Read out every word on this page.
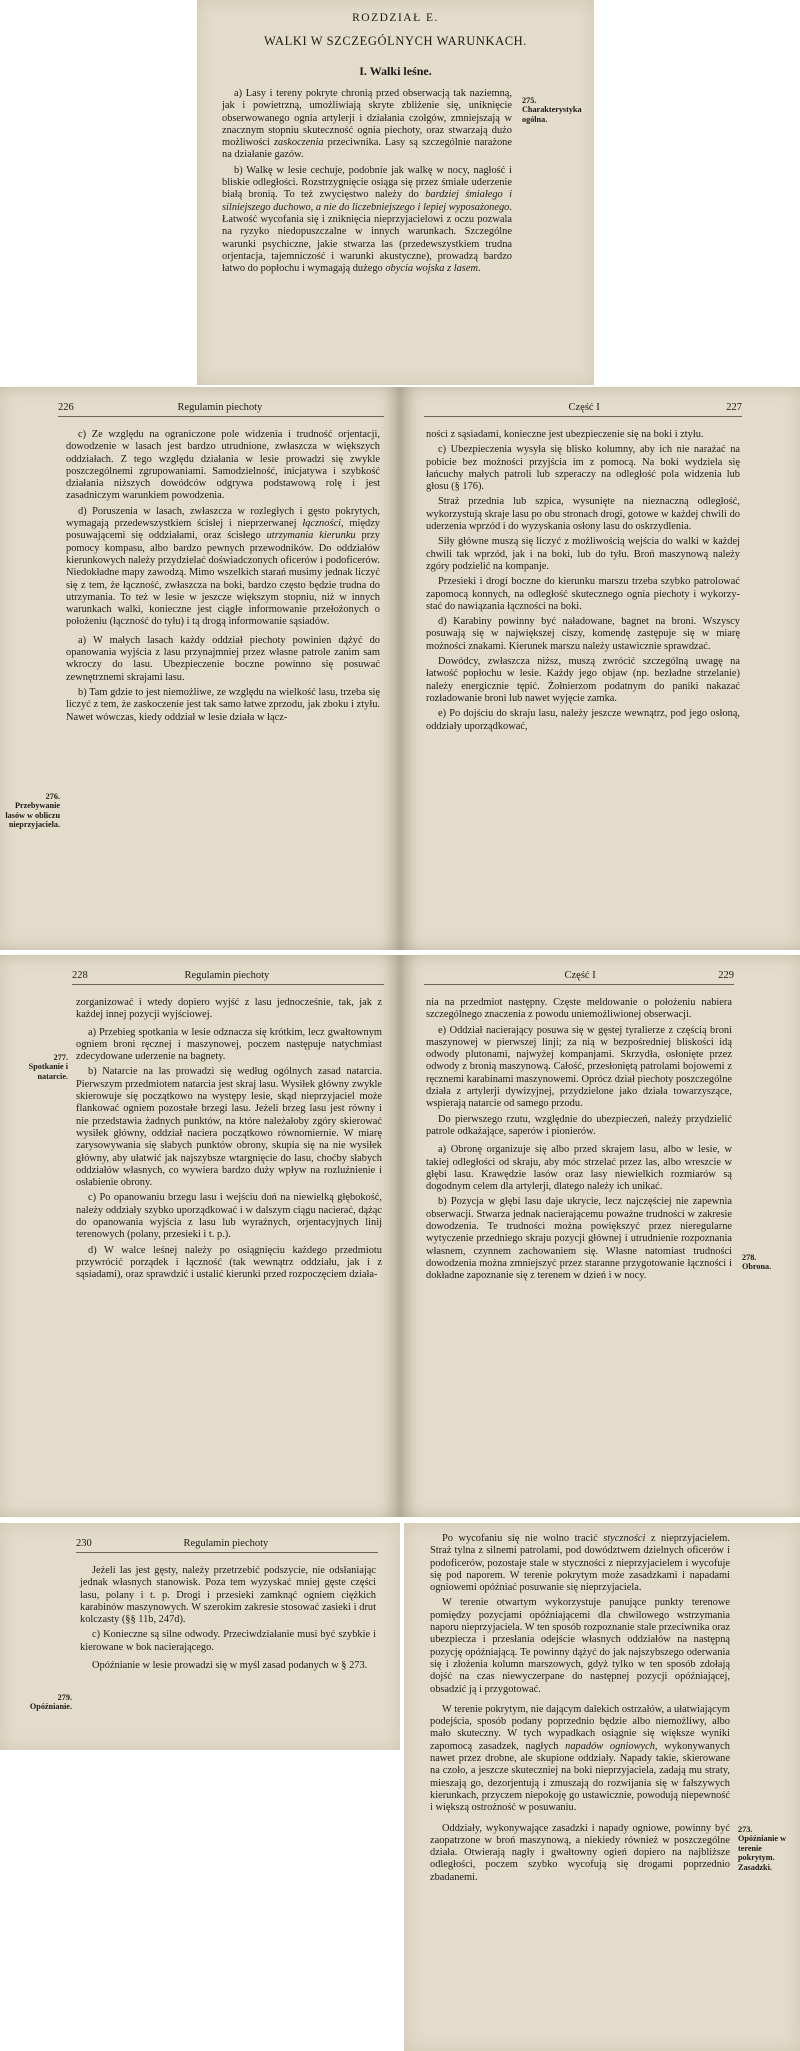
ROZDZIAŁ E.
WALKI W SZCZEGÓLNYCH WARUNKACH.
I. Walki leśne.

a) Lasy i tereny pokryte chronią przed obserwacją tak naziemną, jak i powietrzną, umożliwiają skryte zbliżenie się, uniknięcie obserwowanego ognia artylerji i działania czołgów, zmniejszają w znacznym stopniu skuteczność ognia piechoty, oraz stwarzają dużo możliwości zaskoczenia przeciwnika. Lasy są szczególnie narażone na działanie gazów.

b) Walkę w lesie cechuje, podobnie jak walkę w nocy, nagłość i bliskie odległości. Rozstrzygnięcie osiąga się przez śmiałe uderzenie białą bronią. To też zwycięstwo należy do bardziej śmiałego i silniejszego duchowo, a nie do liczebniejszego i lepiej wyposażonego. Łatwość wycofania się i zniknięcia nieprzyjacielowi z oczu pozwala na ryzyko niedopuszczalne w innych warunkach. Szczególne warunki psychiczne, jakie stwarza las (przedewszystkiem trudna orjentacja, tajemniczość i warunki akustyczne), prowadzą bardzo łatwo do popłochu i wymagają dużego obycia wojska z lasem.

275.
Charakterystyka ogólna.
226	Regulamin piechoty

c) Ze względu na ograniczone pole widzenia i trudność orjentacji, dowodzenie w lasach jest bardzo utrudnione, zwłaszcza w większych oddziałach. Z tego względu działania w lesie prowadzi się zwykle poszczególnemi zgrupowaniami. Samodzielność, inicjatywa i szybkość działania niższych dowódców odgrywa podstawową rolę i jest zasadniczym warunkiem powodzenia.

d) Poruszenia w lasach, zwłaszcza w rozległych i gęsto pokrytych, wymagają przedewszystkiem ścisłej i nieprzerwanej łączności, między posuwającemi się oddziałami, oraz ścisłego utrzymania kierunku przy pomocy kompasu, albo bardzo pewnych przewodników. Do oddziałów kierunkowych należy przydzielać doświadczonych oficerów i podoficerów. Niedokładne mapy zawodzą. Mimo wszelkich starań musimy jednak liczyć się z tem, że łączność, zwłaszcza na boki, bardzo często będzie trudna do utrzymania. To też w lesie w jeszcze większym stopniu, niż w innych warunkach walki, konieczne jest ciągłe informowanie przełożonych o położeniu (łączność do tyłu) i tą drogą informowanie sąsiadów.

a) W małych lasach każdy oddział piechoty powinien dążyć do opanowania wyjścia z lasu przynajmniej przez własne patrole zanim sam wkroczy do lasu. Ubezpieczenie boczne powinno się posuwać zewnętrznemi skrajami lasu.

b) Tam gdzie to jest niemożliwe, ze względu na wielkość lasu, trzeba się liczyć z tem, że zaskoczenie jest tak samo łatwe zprzodu, jak zboku i ztyłu. Nawet wówczas, kiedy oddział w lesie działa w łącz-

276.
Przebywanie lasów w obliczu nieprzyjaciela.
Część I	227

ności z sąsiadami, konieczne jest ubezpieczenie się na boki i ztyłu.

c) Ubezpieczenia wysyła się blisko kolumny, aby ich nie narażać na pobicie bez możności przyjścia im z pomocą. Na boki wydziela się łańcuchy małych patroli lub szperaczy na odległość pola widzenia lub głosu (§ 176).

Straż przednia lub szpica, wysunięte na nieznaczną odległość, wykorzystują skraje lasu po obu stronach drogi, gotowe w każdej chwili do uderzenia wprzód i do wyzyskania osłony lasu do oskrzydlenia.

Siły główne muszą się liczyć z możliwością wejścia do walki w każdej chwili tak wprzód, jak i na boki, lub do tyłu. Broń maszynową należy zgóry podzielić na kompanje.

Przesieki i drogi boczne do kierunku marszu trzeba szybko patrolować zapomocą konnych, na odległość skutecznego ognia piechoty i wykorzystać do nawiązania łączności na boki.

d) Karabiny powinny być naładowane, bagnet na broni. Wszyscy posuwają się w największej ciszy, komendę zastępuje się w miarę możności znakami. Kierunek marszu należy ustawicznie sprawdzać.

Dowódcy, zwłaszcza niższ, muszą zwrócić szczególną uwagę na łatwość popłochu w lesie. Każdy jego objaw (np. bezładne strzelanie) należy energicznie tępić. Żołnierzom podatnym do paniki nakazać rozładowanie broni lub nawet wyjęcie zamka.

e) Po dojściu do skraju lasu, należy jeszcze wewnątrz, pod jego osłoną, oddziały uporządkować,

228	Regulamin piechoty

zorganizować i wtedy dopiero wyjść z lasu jednocześnie, tak, jak z każdej innej pozycji wyjściowej.

a) Przebieg spotkania w lesie odznacza się krótkim, lecz gwałtownym ogniem broni ręcznej i maszynowej, poczem następuje natychmiast zdecydowane uderzenie na bagnety.

b) Natarcie na las prowadzi się według ogólnych zasad natarcia. Pierwszym przedmiotem natarcia jest skraj lasu. Wysiłek główny zwykle skierowuje się początkowo na występy lesie, skąd nieprzyjaciel może flankować ogniem pozostałe brzegi lasu. Jeżeli brzeg lasu jest równy i nie przedstawia żadnych punktów, na które należałoby zgóry skierować wysiłek główny, oddział naciera początkowo równomiernie. W miarę zarysowywania się słabych punktów obrony, skupia się na nie wysiłek główny, aby ułatwić jak najszybsze wtargnięcie do lasu, choćby słabych oddziałów własnych, co wywiera bardzo duży wpływ na rozluźnienie i osłabienie obrony.

c) Po opanowaniu brzegu lasu i wejściu doń na niewielką głębokość, należy oddziały szybko uporządkować i w dalszym ciągu nacierać, dążąc do opanowania wyjścia z lasu lub wyraźnych, orjentacyjnych linij terenowych (polany, przesieki i t. p.).

d) W walce leśnej należy po osiągnięciu każdego przedmiotu przywrócić porządek i łączność (tak wewnątrz oddziału, jak i z sąsiadami), oraz sprawdzić i ustalić kierunki przed rozpoczęciem działa-

277.
Spotkanie i natarcie.
Część I	229

nia na przedmiot następny. Częste meldowanie o położeniu nabiera szczególnego znaczenia z powodu uniemożliwionej obserwacji.

e) Oddział nacierający posuwa się w gęstej tyralierze z częścią broni maszynowej w pierwszej linji; za nią w bezpośredniej bliskości idą odwody plutonami, najwyżej kompanjami. Skrzydła, osłonięte przez odwody z bronią maszynową. Całość, przesłoniętą patrolami bojowemi z ręcznemi karabinami maszynowemi. Oprócz dział piechoty poszczególne działa z artylerji dywizyjnej, przydzielone jako działa towarzyszące, wspierają natarcie od samego przodu.

Do pierwszego rzutu, względnie do ubezpieczeń, należy przydzielić patrole odkażające, saperów i pionierów.

a) Obronę organizuje się albo przed skrajem lasu, albo w lesie, w takiej odległości od skraju, aby móc strzelać przez las, albo wreszcie w głębi lasu. Krawędzie lasów oraz lasy niewielkich rozmiarów są dogodnym celem dla artylerji, dlatego należy ich unikać.

b) Pozycja w głębi lasu daje ukrycie, lecz najczęściej nie zapewnia obserwacji. Stwarza jednak nacierającemu poważne trudności w zakresie dowodzenia. Te trudności można powiększyć przez nieregularne wytyczenie przedniego skraju pozycji głównej i utrudnienie rozpoznania własnem, czynnem zachowaniem się. Własne natomiast trudności dowodzenia można zmniejszyć przez staranne przygotowanie łączności i dokładne zapoznanie się z terenem w dzień i w nocy.

278.
Obrona.
230	Regulamin piechoty

Jeżeli las jest gęsty, należy przetrzebić podszycie, nie odsłaniając jednak własnych stanowisk. Poza tem wyzyskać mniej gęste części lasu, polany i t. p. Drogi i przesieki zamknąć ogniem ciężkich karabinów maszynowych. W szerokim zakresie stosować zasieki i drut kolczasty (§§ 11b, 247d).

c) Konieczne są silne odwody. Przeciwdziałanie musi być szybkie i kierowane w bok nacierającego.

Opóźnianie w lesie prowadzi się w myśl zasad podanych w § 273.

279.
Opóźnianie.

Po wycofaniu się nie wolno tracić styczności z nieprzyjacielem. Straż tylna z silnemi patrolami, pod dowództwem dzielnych oficerów i podoficerów, pozostaje stale w styczności z nieprzyjacielem i wycofuje się pod naporem. W terenie pokrytym może zasadzkami i napadami ogniowemi opóźniać posuwanie się nieprzyjaciela.

W terenie otwartym wykorzystuje panujące punkty terenowe pomiędzy pozycjami opóźniającemi dla chwilowego wstrzymania naporu nieprzyjaciela. W ten sposób rozpoznanie stale przeciwnika oraz ubezpiecza i przesłania odejście własnych oddziałów na następną pozycję opóźniającą. Te powinny dążyć do jak najszybszego oderwania się i złożenia kolumn marszowych, gdyż tylko w ten sposób zdołają dojść na czas niewyczerpane do następnej pozycji opóźniającej, obsadzić ją i przygotować.

W terenie pokrytym, nie dającym dalekich ostrzałów, a ułatwiającym podejścia, sposób podany poprzednio będzie albo niemożliwy, albo mało skuteczny. W tych wypadkach osiągnie się większe wyniki zapomocą zasadzek, nagłych napadów ogniowych, wykonywanych nawet przez drobne, ale skupione oddziały. Napady takie, skierowane na czoło, a jeszcze skuteczniej na boki nieprzyjaciela, zadają mu straty, mieszają go, dezorjentują i zmuszają do rozwijania się w fałszywych kierunkach, przyczem niepokoję go ustawicznie, powodują niepewność i większą ostrożność w posuwaniu.

Oddziały, wykonywające zasadzki i napady ogniowe, powinny być zaopatrzone w broń maszynową, a niekiedy również w poszczególne działa. Otwierają nagły i gwałtowny ogień dopiero na najbliższe odległości, poczem szybko wycofują się drogami poprzednio zbadanemi.

273.
Opóźnianie w terenie pokrytym. Zasadzki.
